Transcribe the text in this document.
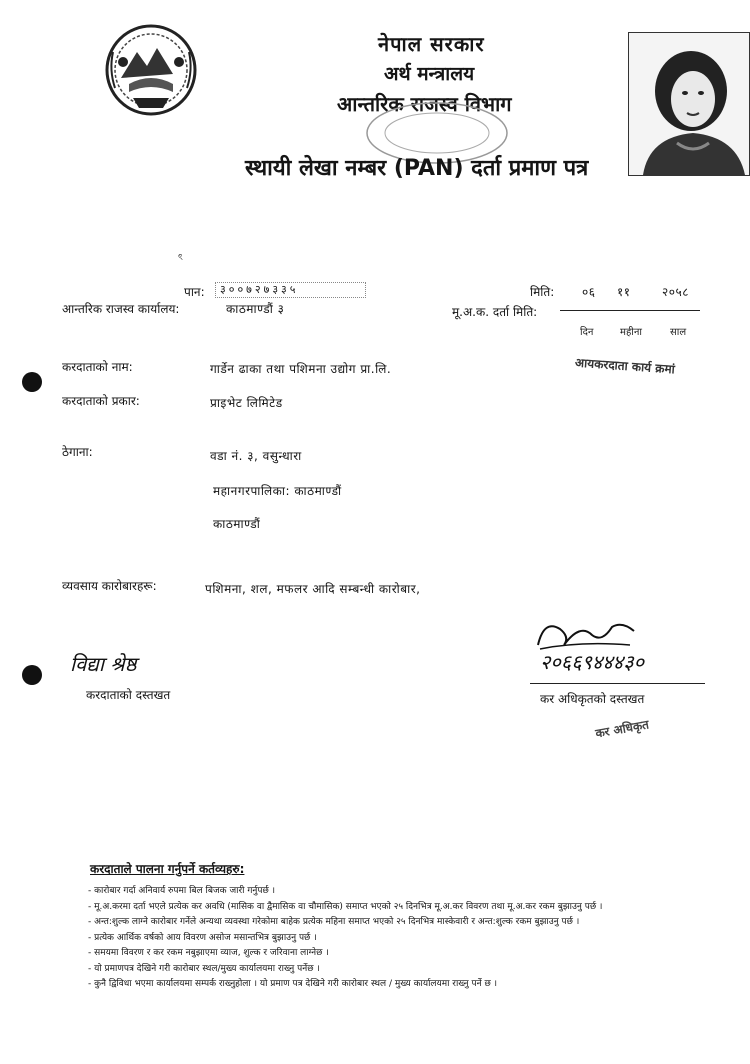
नेपाल सरकार
अर्थ मन्त्रालय
आन्तरिक राजस्व विभाग
स्थायी लेखा नम्बर (PAN) दर्ता प्रमाण पत्र
ৎ
पान:	३००७२७३३५	मिति: ०६ ११	२०५८
आन्तरिक राजस्व कार्यालय:	काठमाण्डौं ३	मू.अ.क. दर्ता मिति:
दिन	महीना	साल
करदाताको नाम:	गार्डेन ढाका तथा पशिमना उद्योग प्रा.लि.	आयकरदाता कार्य क्रमां
करदाताको प्रकार:	प्राइभेट लिमिटेड
ठेगाना:	वडा नं. ३, वसुन्धारा
महानगरपालिका: काठमाण्डौं
काठमाण्डौं
व्यवसाय कारोबारहरू:	पशिमना, शल, मफलर आदि सम्बन्धी कारोबार,
विद्या श्रेष्ठ
करदाताको दस्तखत
२०६६९४४४३०
कर अधिकृतको दस्तखत
कर अधिकृत
करदाताले पालना गर्नुपर्ने कर्तव्यहरु:
- कारोबार गर्दा अनिवार्य रुपमा बिल बिजक जारी गर्नुपर्छ ।
- मू.अ.करमा दर्ता भएले प्रत्येक कर अवधि (मासिक वा द्वैमासिक वा चौमासिक) समाप्त भएको २५ दिनभित्र मू.अ.कर विवरण तथा मू.अ.कर रकम बुझाउनु पर्छ ।
- अन्त:शुल्क लाग्ने कारोबार गर्नेले अन्यथा व्यवस्था गरेकोमा बाहेक प्रत्येक महिना समाप्त भएको २५ दिनभित्र मास्केवारी र अन्त:शुल्क रकम बुझाउनु पर्छ ।
- प्रत्येक आर्थिक वर्षको आय विवरण असोज मसान्तभित्र बुझाउनु पर्छ ।
- समयमा विवरण र कर रकम नबुझाएमा व्याज, शुल्क र जरिवाना लाग्नेछ ।
- यो प्रमाणपत्र देखिने गरी कारोबार स्थल/मुख्य कार्यालयमा राख्नु पर्नेछ ।
- कुनै द्विविधा भएमा कार्यालयमा सम्पर्क राख्नुहोला । यो प्रमाण पत्र देखिने गरी कारोबार स्थल / मुख्य कार्यालयमा राख्नु पर्ने छ ।
